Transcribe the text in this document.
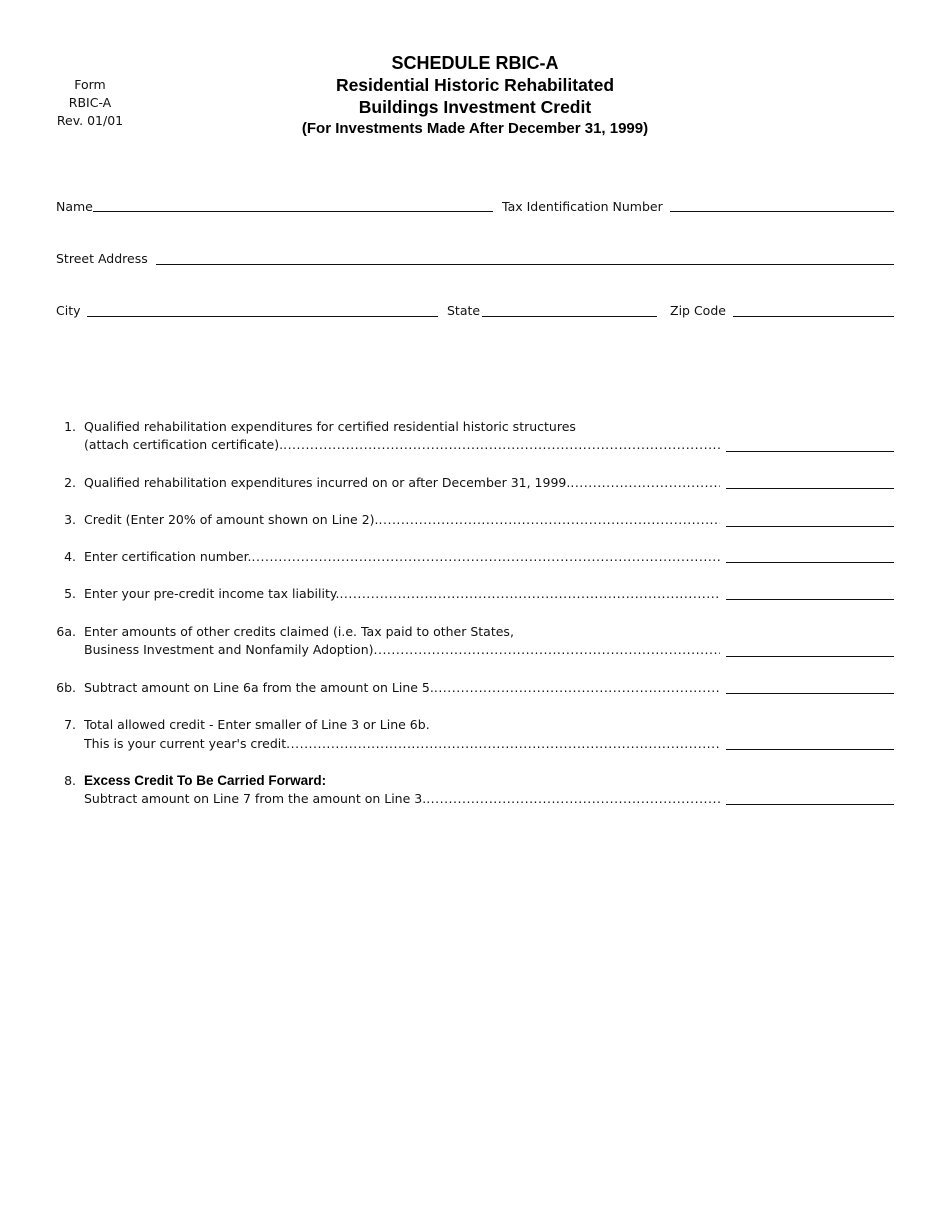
Form
RBIC-A
Rev. 01/01
SCHEDULE RBIC-A
Residential Historic Rehabilitated
Buildings Investment Credit
(For Investments Made After December 31, 1999)
Name	Tax Identification Number
Street Address
City	State	Zip Code
1. Qualified rehabilitation expenditures for certified residential historic structures
(attach certification certificate).
.....
2. Qualified rehabilitation expenditures incurred on or after December 31, 1999.
.....
3. Credit (Enter 20% of amount shown on Line 2).
.....
4. Enter certification number.
.....
5. Enter your pre-credit income tax liability.
.....
6a. Enter amounts of other credits claimed (i.e. Tax paid to other States,
Business Investment and Nonfamily Adoption)
.....
6b. Subtract amount on Line 6a from the amount on Line 5.
.....
7. Total allowed credit - Enter smaller of Line 3 or Line 6b.
This is your current year's credit
.....
8. Excess Credit To Be Carried Forward:
Subtract amount on Line 7 from the amount on Line 3.
.....
